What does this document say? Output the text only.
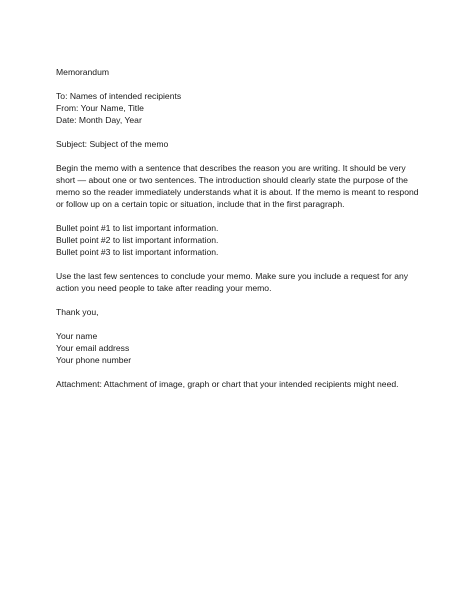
Memorandum
To: Names of intended recipients
From: Your Name, Title
Date: Month Day, Year
Subject: Subject of the memo
Begin the memo with a sentence that describes the reason you are writing. It should be very
short — about one or two sentences. The introduction should clearly state the purpose of the
memo so the reader immediately understands what it is about. If the memo is meant to respond
or follow up on a certain topic or situation, include that in the first paragraph.
Bullet point #1 to list important information.
Bullet point #2 to list important information.
Bullet point #3 to list important information.
Use the last few sentences to conclude your memo. Make sure you include a request for any
action you need people to take after reading your memo.
Thank you,
Your name
Your email address
Your phone number
Attachment: Attachment of image, graph or chart that your intended recipients might need.
